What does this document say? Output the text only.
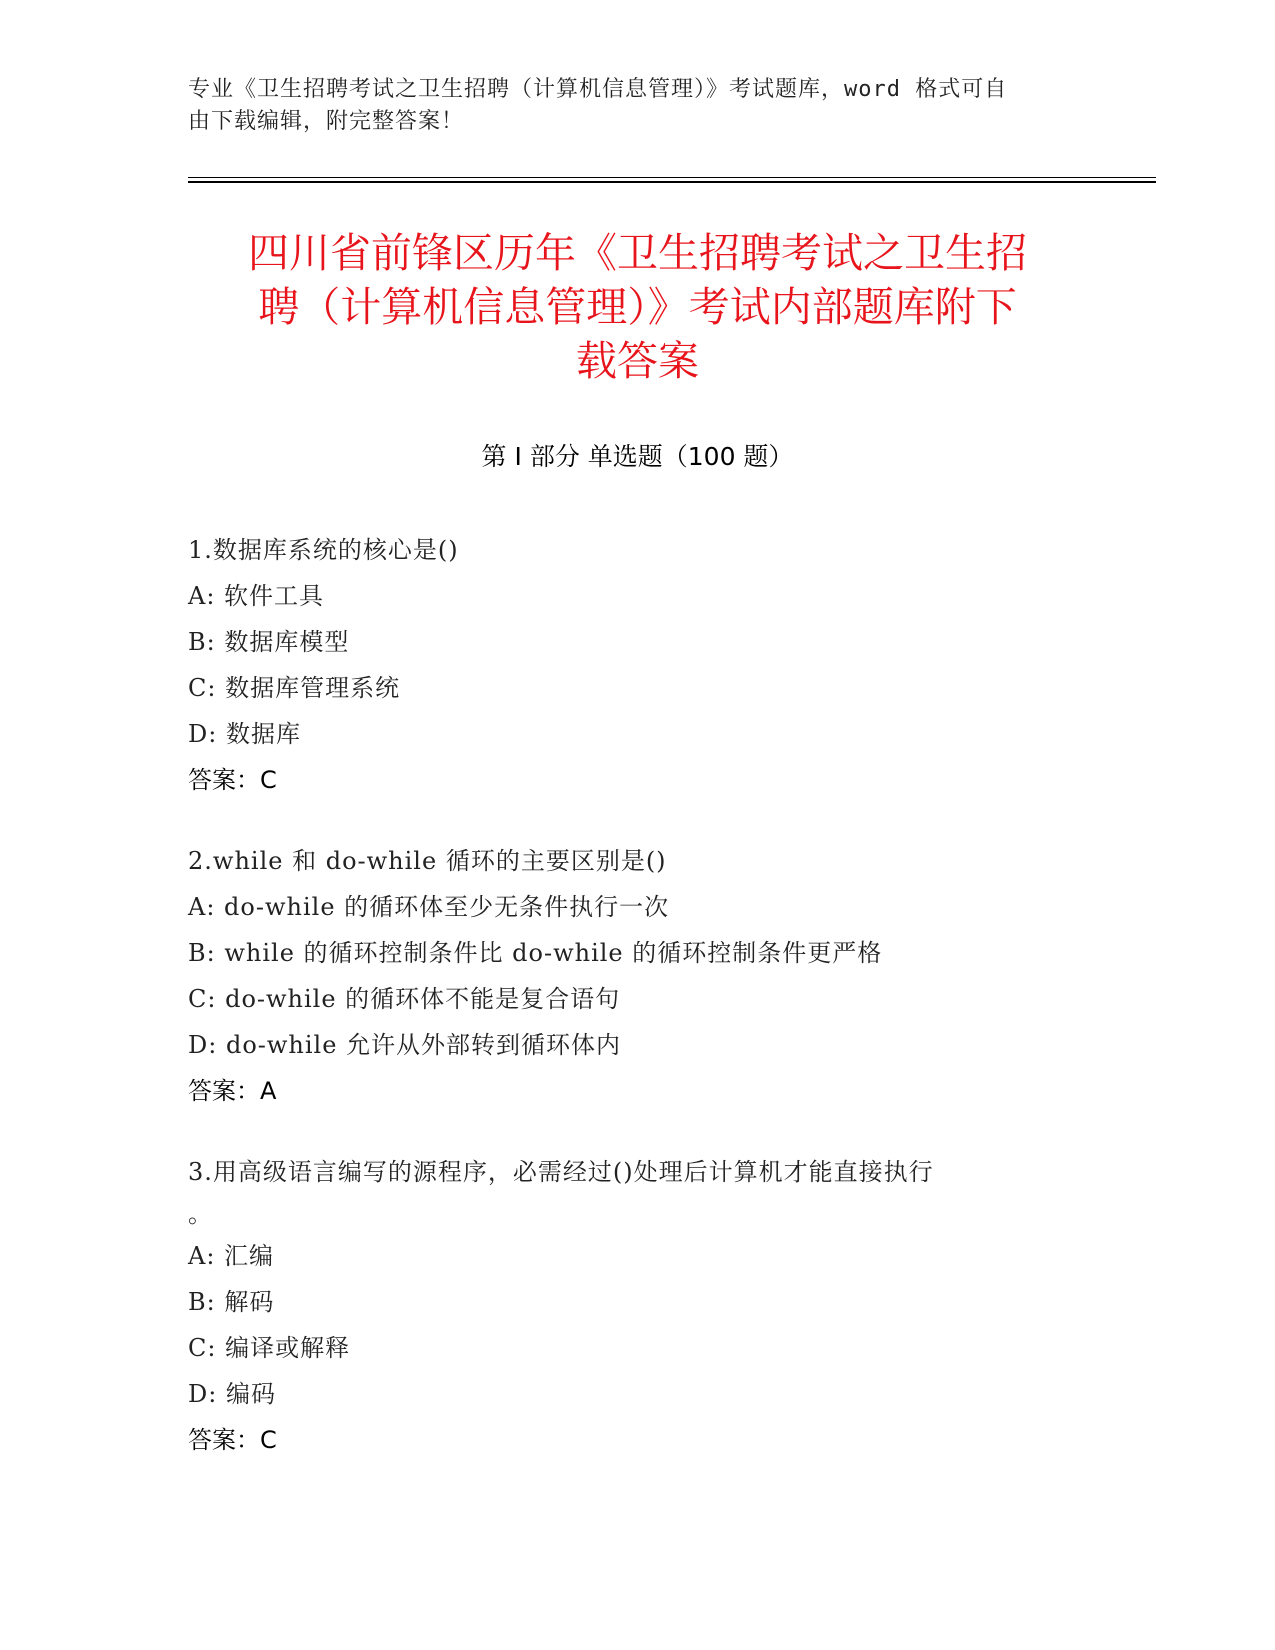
专业《卫生招聘考试之卫生招聘（计算机信息管理）》考试题库，word 格式可自
由下载编辑，附完整答案！
四川省前锋区历年《卫生招聘考试之卫生招
聘（计算机信息管理）》考试内部题库附下
载答案
第 I 部分 单选题（100 题）
1.数据库系统的核心是()
A: 软件工具
B: 数据库模型
C: 数据库管理系统
D: 数据库
答案：C
2.while 和 do-while 循环的主要区别是()
A: do-while 的循环体至少无条件执行一次
B: while 的循环控制条件比 do-while 的循环控制条件更严格
C: do-while 的循环体不能是复合语句
D: do-while 允许从外部转到循环体内
答案：A
3.用高级语言编写的源程序，必需经过()处理后计算机才能直接执行
。
A: 汇编
B: 解码
C: 编译或解释
D: 编码
答案：C
